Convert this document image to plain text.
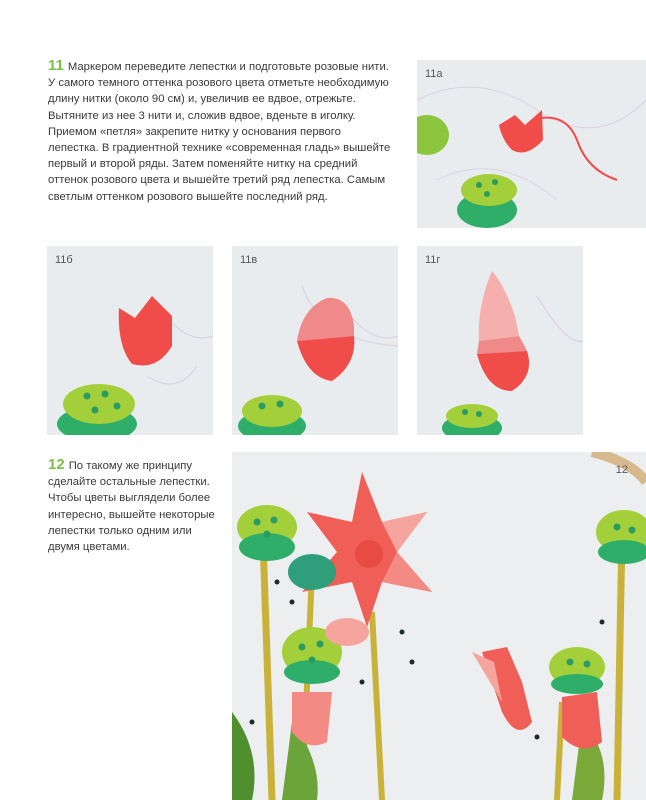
11 Маркером переведите лепестки и подготовьте розовые нити. У самого темного оттенка розового цвета отметьте необходимую длину нитки (около 90 см) и, увеличив ее вдвое, отрежьте. Вытяните из нее 3 нити и, сложив вдвое, вденьте в иголку. Приемом «петля» закрепите нитку у основания первого лепестка. В градиентной технике «современная гладь» вышейте первый и второй ряды. Затем поменяйте нитку на средний оттенок розового цвета и вышейте третий ряд лепестка. Самым светлым оттенком розового вышейте последний ряд.
11а
11б	11в	11г
12 По такому же принципу сделайте остальные лепестки. Чтобы цветы выглядели более интересно, вышейте некоторые лепестки только одним или двумя цветами.
12
